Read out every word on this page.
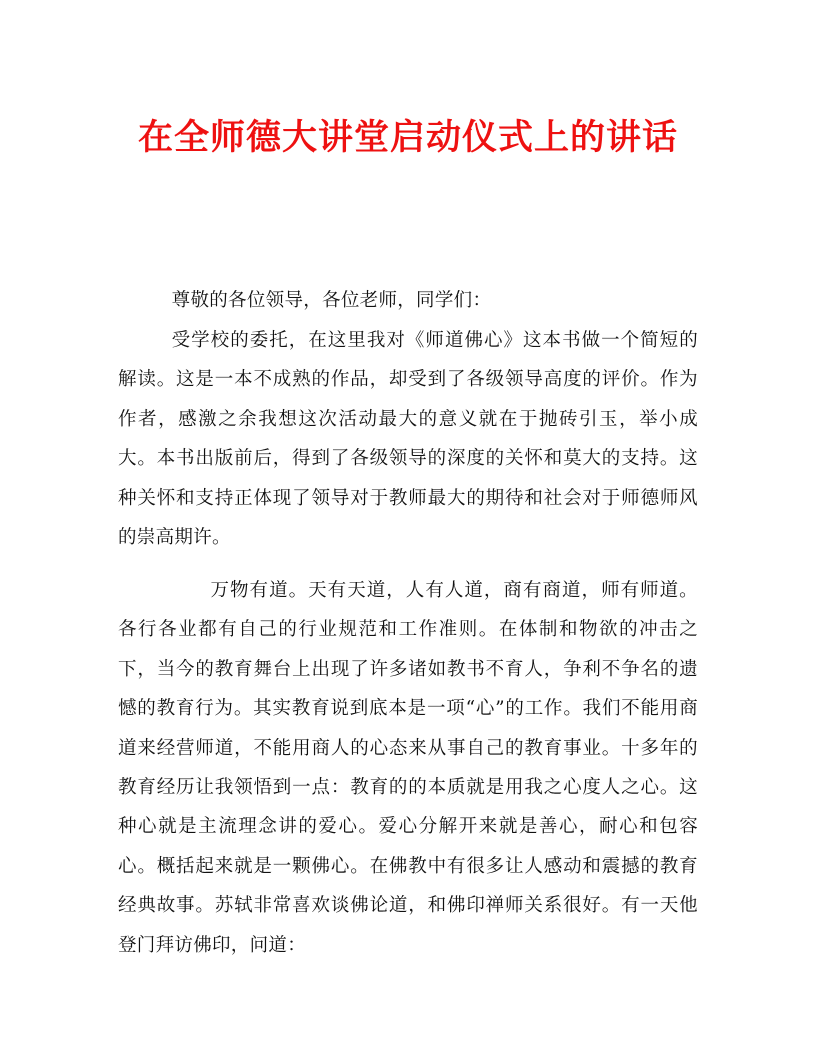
在全师德大讲堂启动仪式上的讲话

尊敬的各位领导，各位老师，同学们：

受学校的委托，在这里我对《师道佛心》这本书做一个简短的解读。这是一本不成熟的作品，却受到了各级领导高度的评价。作为作者，感激之余我想这次活动最大的意义就在于抛砖引玉，举小成大。本书出版前后，得到了各级领导的深度的关怀和莫大的支持。这种关怀和支持正体现了领导对于教师最大的期待和社会对于师德师风的崇高期许。

万物有道。天有天道，人有人道，商有商道，师有师道。各行各业都有自己的行业规范和工作准则。在体制和物欲的冲击之下，当今的教育舞台上出现了许多诸如教书不育人，争利不争名的遗憾的教育行为。其实教育说到底本是一项“心”的工作。我们不能用商道来经营师道，不能用商人的心态来从事自己的教育事业。十多年的教育经历让我领悟到一点：教育的的本质就是用我之心度人之心。这种心就是主流理念讲的爱心。爱心分解开来就是善心，耐心和包容心。概括起来就是一颗佛心。在佛教中有很多让人感动和震撼的教育经典故事。苏轼非常喜欢谈佛论道，和佛印禅师关系很好。有一天他登门拜访佛印，问道：
